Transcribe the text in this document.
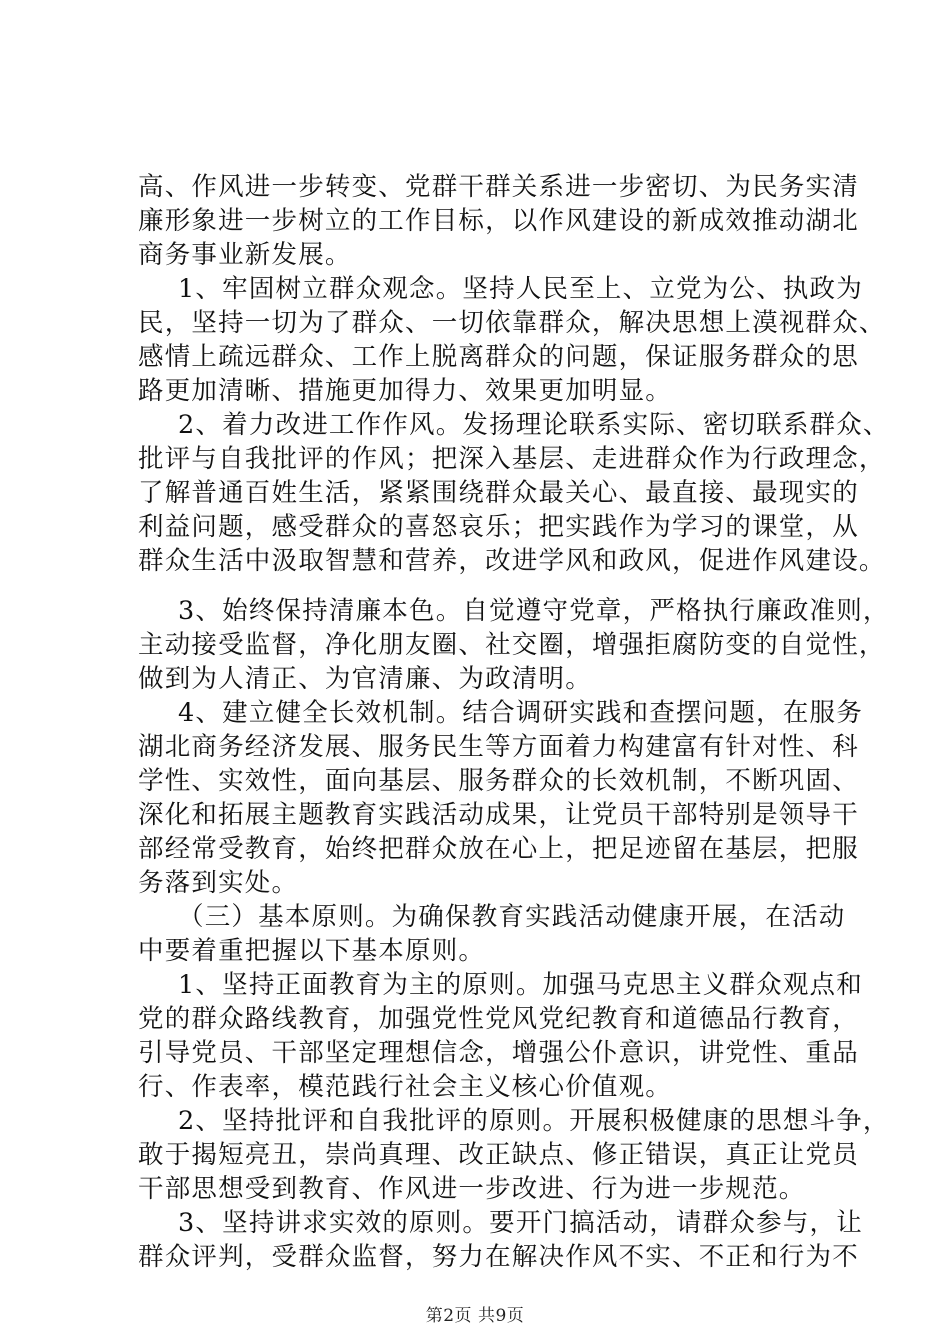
高、作风进一步转变、党群干群关系进一步密切、为民务实清
廉形象进一步树立的工作目标，以作风建设的新成效推动湖北
商务事业新发展。
1、牢固树立群众观念。坚持人民至上、立党为公、执政为
民，坚持一切为了群众、一切依靠群众，解决思想上漠视群众、
感情上疏远群众、工作上脱离群众的问题，保证服务群众的思
路更加清晰、措施更加得力、效果更加明显。
2、着力改进工作作风。发扬理论联系实际、密切联系群众、
批评与自我批评的作风；把深入基层、走进群众作为行政理念，
了解普通百姓生活，紧紧围绕群众最关心、最直接、最现实的
利益问题，感受群众的喜怒哀乐；把实践作为学习的课堂，从
群众生活中汲取智慧和营养，改进学风和政风，促进作风建设。
3、始终保持清廉本色。自觉遵守党章，严格执行廉政准则，
主动接受监督，净化朋友圈、社交圈，增强拒腐防变的自觉性，
做到为人清正、为官清廉、为政清明。
4、建立健全长效机制。结合调研实践和查摆问题，在服务
湖北商务经济发展、服务民生等方面着力构建富有针对性、科
学性、实效性，面向基层、服务群众的长效机制，不断巩固、
深化和拓展主题教育实践活动成果，让党员干部特别是领导干
部经常受教育，始终把群众放在心上，把足迹留在基层，把服
务落到实处。
（三）基本原则。为确保教育实践活动健康开展，在活动
中要着重把握以下基本原则。
1、坚持正面教育为主的原则。加强马克思主义群众观点和
党的群众路线教育，加强党性党风党纪教育和道德品行教育，
引导党员、干部坚定理想信念，增强公仆意识，讲党性、重品
行、作表率，模范践行社会主义核心价值观。
2、坚持批评和自我批评的原则。开展积极健康的思想斗争，
敢于揭短亮丑，崇尚真理、改正缺点、修正错误，真正让党员
干部思想受到教育、作风进一步改进、行为进一步规范。
3、坚持讲求实效的原则。要开门搞活动，请群众参与，让
群众评判，受群众监督，努力在解决作风不实、不正和行为不
第2页 共9页
